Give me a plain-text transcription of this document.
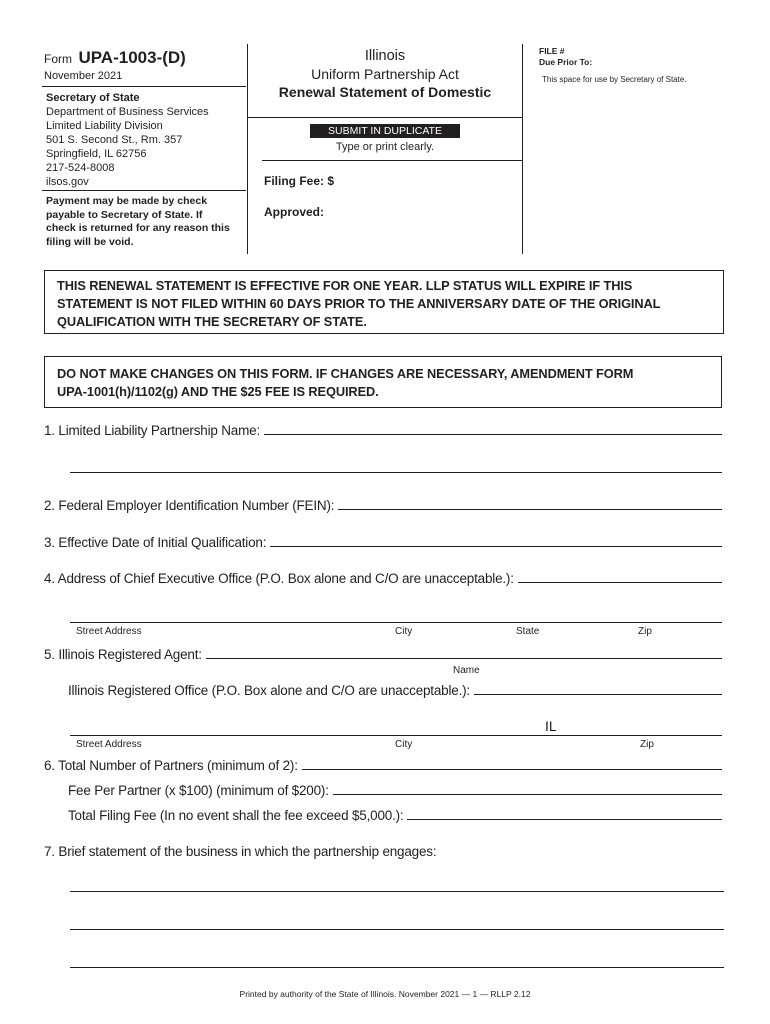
Form UPA-1003-(D)
November 2021
Secretary of State
Department of Business Services
Limited Liability Division
501 S. Second St., Rm. 357
Springfield, IL 62756
217-524-8008
ilsos.gov
Payment may be made by check payable to Secretary of State. If check is returned for any reason this filing will be void.
Illinois
Uniform Partnership Act
Renewal Statement of Domestic
SUBMIT IN DUPLICATE
Type or print clearly.
Filing Fee: $
Approved:
FILE #
Due Prior To:
This space for use by Secretary of State.
THIS RENEWAL STATEMENT IS EFFECTIVE FOR ONE YEAR. LLP STATUS WILL EXPIRE IF THIS STATEMENT IS NOT FILED WITHIN 60 DAYS PRIOR TO THE ANNIVERSARY DATE OF THE ORIGINAL QUALIFICATION WITH THE SECRETARY OF STATE.
DO NOT MAKE CHANGES ON THIS FORM. IF CHANGES ARE NECESSARY, AMENDMENT FORM UPA-1001(h)/1102(g) AND THE $25 FEE IS REQUIRED.
1. Limited Liability Partnership Name:
2. Federal Employer Identification Number (FEIN):
3. Effective Date of Initial Qualification:
4. Address of Chief Executive Office (P.O. Box alone and C/O are unacceptable.):
Street Address	City	State	Zip
5. Illinois Registered Agent:
Name
Illinois Registered Office (P.O. Box alone and C/O are unacceptable.):
IL
Street Address	City	Zip
6. Total Number of Partners (minimum of 2):
Fee Per Partner (x $100) (minimum of $200):
Total Filing Fee (In no event shall the fee exceed $5,000.):
7. Brief statement of the business in which the partnership engages:
Printed by authority of the State of Illinois. November 2021 — 1 — RLLP 2.12
